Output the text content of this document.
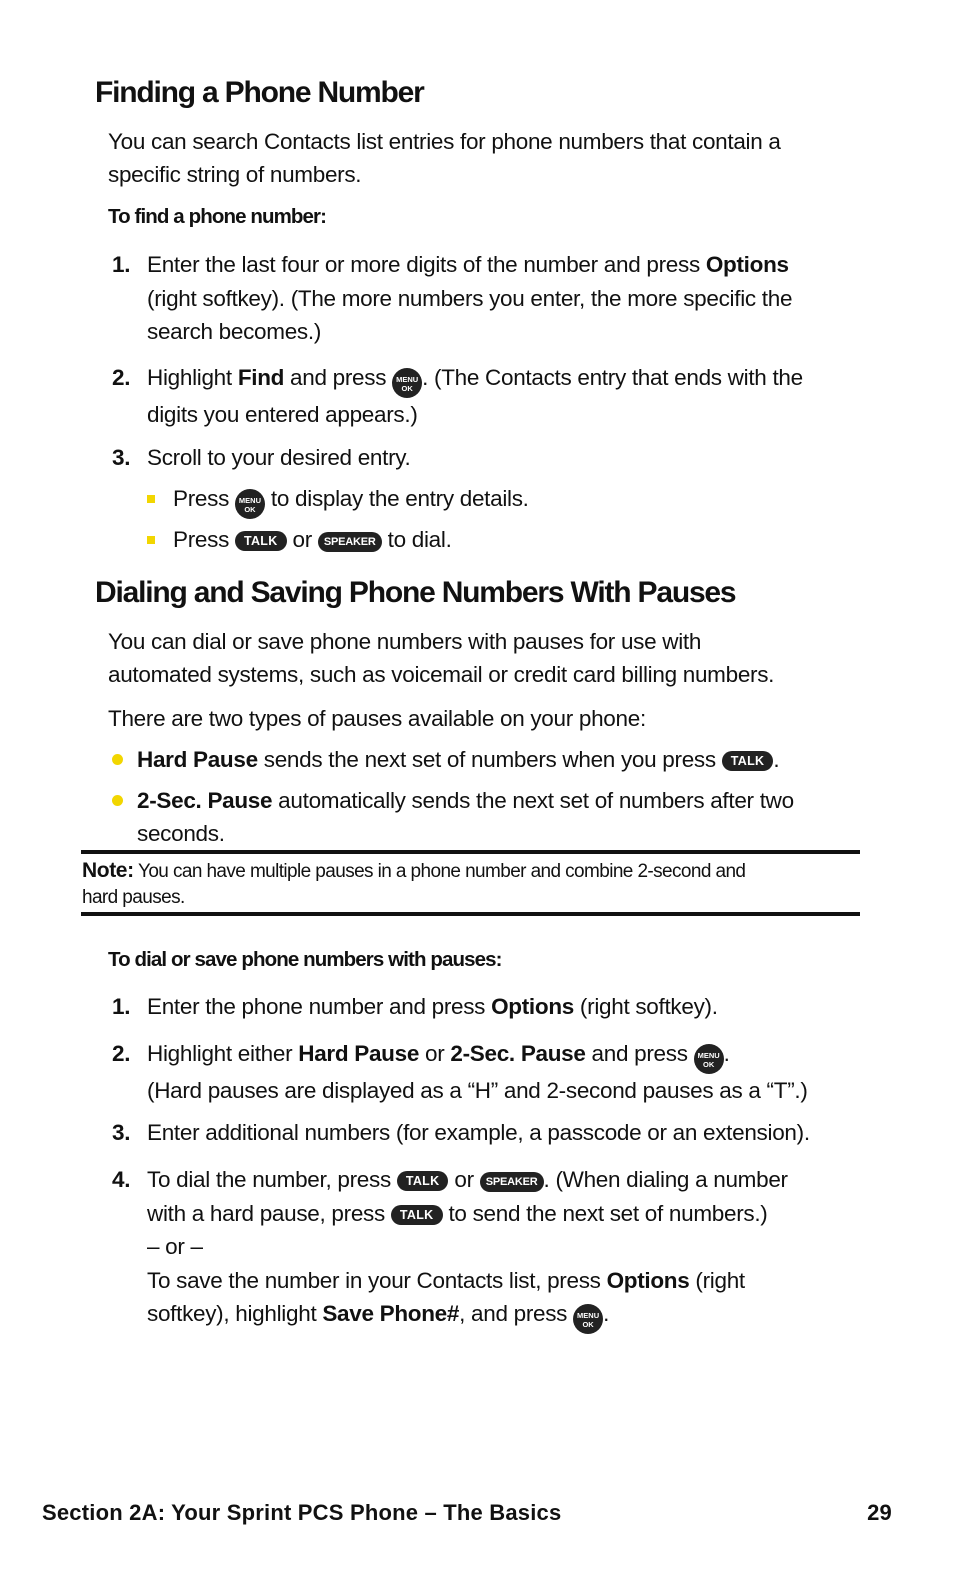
Finding a Phone Number

You can search Contacts list entries for phone numbers that contain a
specific string of numbers.

To find a phone number:

1. Enter the last four or more digits of the number and press Options
(right softkey). (The more numbers you enter, the more specific the
search becomes.)
2. Highlight Find and press MENU
OK . (The Contacts entry that ends with the
digits you entered appears.)
3. Scroll to your desired entry.
Press MENU
OK to display the entry details.
Press TALK or SPEAKER to dial.
Dialing and Saving Phone Numbers With Pauses

You can dial or save phone numbers with pauses for use with
automated systems, such as voicemail or credit card billing numbers.

There are two types of pauses available on your phone:

Hard Pause sends the next set of numbers when you press TALK .
2-Sec. Pause automatically sends the next set of numbers after two
seconds.
Note: You can have multiple pauses in a phone number and combine 2-second and
hard pauses.

To dial or save phone numbers with pauses:

1. Enter the phone number and press Options (right softkey).
2. Highlight either Hard Pause or 2-Sec. Pause and press MENU
OK .
(Hard pauses are displayed as a “H” and 2-second pauses as a “T”.)
3. Enter additional numbers (for example, a passcode or an extension).
4. To dial the number, press TALK or SPEAKER . (When dialing a number
with a hard pause, press TALK to send the next set of numbers.)
– or –
To save the number in your Contacts list, press Options (right
softkey), highlight Save Phone#, and press MENU
OK .
Section 2A: Your Sprint PCS Phone – The Basics	29
